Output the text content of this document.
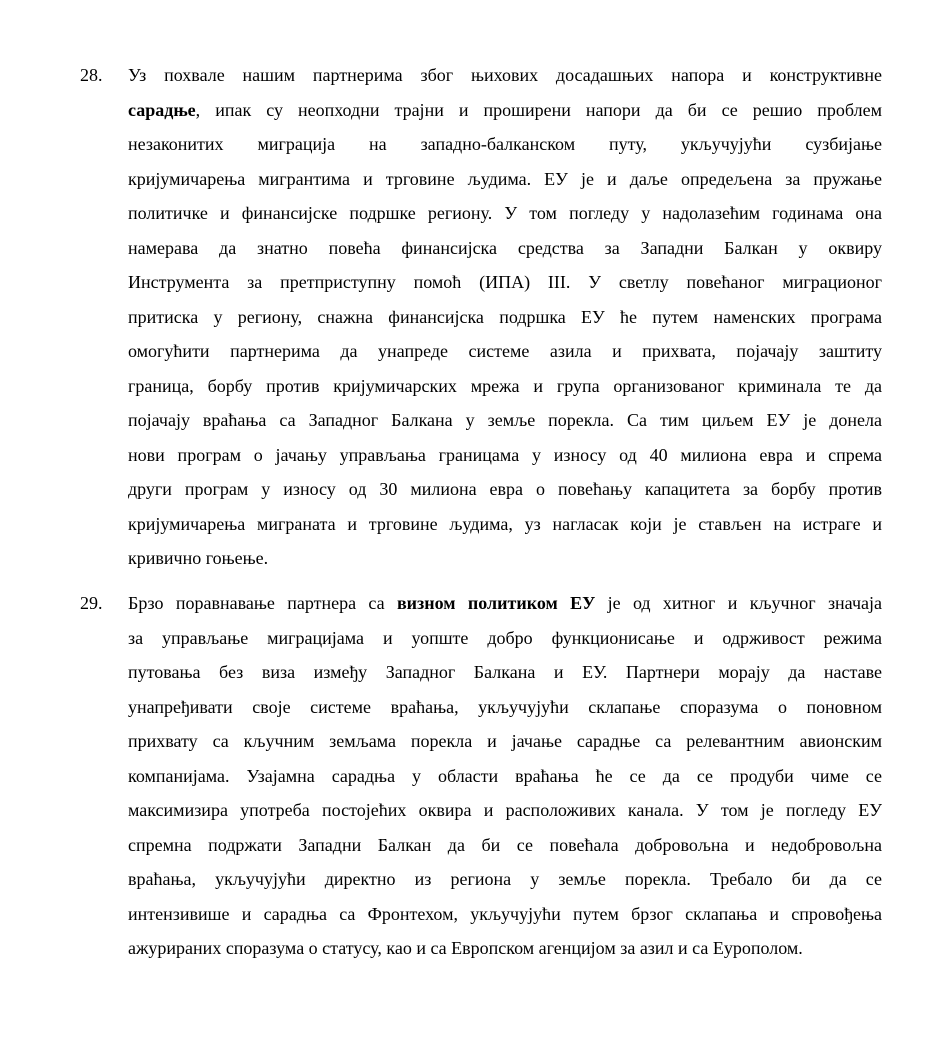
28. Уз похвале нашим партнерима због њихових досадашњих напора и конструктивне
сарадње, ипак су неопходни трајни и проширени напори да би се решио проблем
незаконитих миграција на западно-балканском путу, укључујући сузбијање
кријумичарења мигрантима и трговине људима. ЕУ је и даље опредељена за пружање
политичке и финансијске подршке региону. У том погледу у надолазећим годинама она
намерава да знатно повећа финансијска средства за Западни Балкан у оквиру
Инструмента за претприступну помоћ (ИПА) III. У светлу повећаног миграционог
притиска у региону, снажна финансијска подршка ЕУ ће путем наменских програма
омогућити партнерима да унапреде системе азила и прихвата, појачају заштиту
граница, борбу против кријумичарских мрежа и група организованог криминала те да
појачају враћања са Западног Балкана у земље порекла. Са тим циљем ЕУ је донела
нови програм о јачању управљања границама у износу од 40 милиона евра и спрема
други програм у износу од 30 милиона евра о повећању капацитета за борбу против
кријумичарења миграната и трговине људима, уз нагласак који је стављен на истраге и
кривично гоњење.
29. Брзо поравнавање партнера са визном политиком ЕУ је од хитног и кључног значаја
за управљање миграцијама и уопште добро функционисање и одрживост режима
путовања без виза између Западног Балкана и ЕУ. Партнери морају да наставе
унапређивати своје системе враћања, укључујући склапање споразума о поновном
прихвату са кључним земљама порекла и јачање сарадње са релевантним авионским
компанијама. Узајамна сарадња у области враћања ће се да се продуби чиме се
максимизира употреба постојећих оквира и расположивих канала. У том је погледу ЕУ
спремна подржати Западни Балкан да би се повећала добровољна и недобровољна
враћања, укључујући директно из региона у земље порекла. Требало би да се
интензивише и сарадња са Фронтехом, укључујући путем брзог склапања и спровођења
ажурираних споразума о статусу, као и са Европском агенцијом за азил и са Еурополом.
